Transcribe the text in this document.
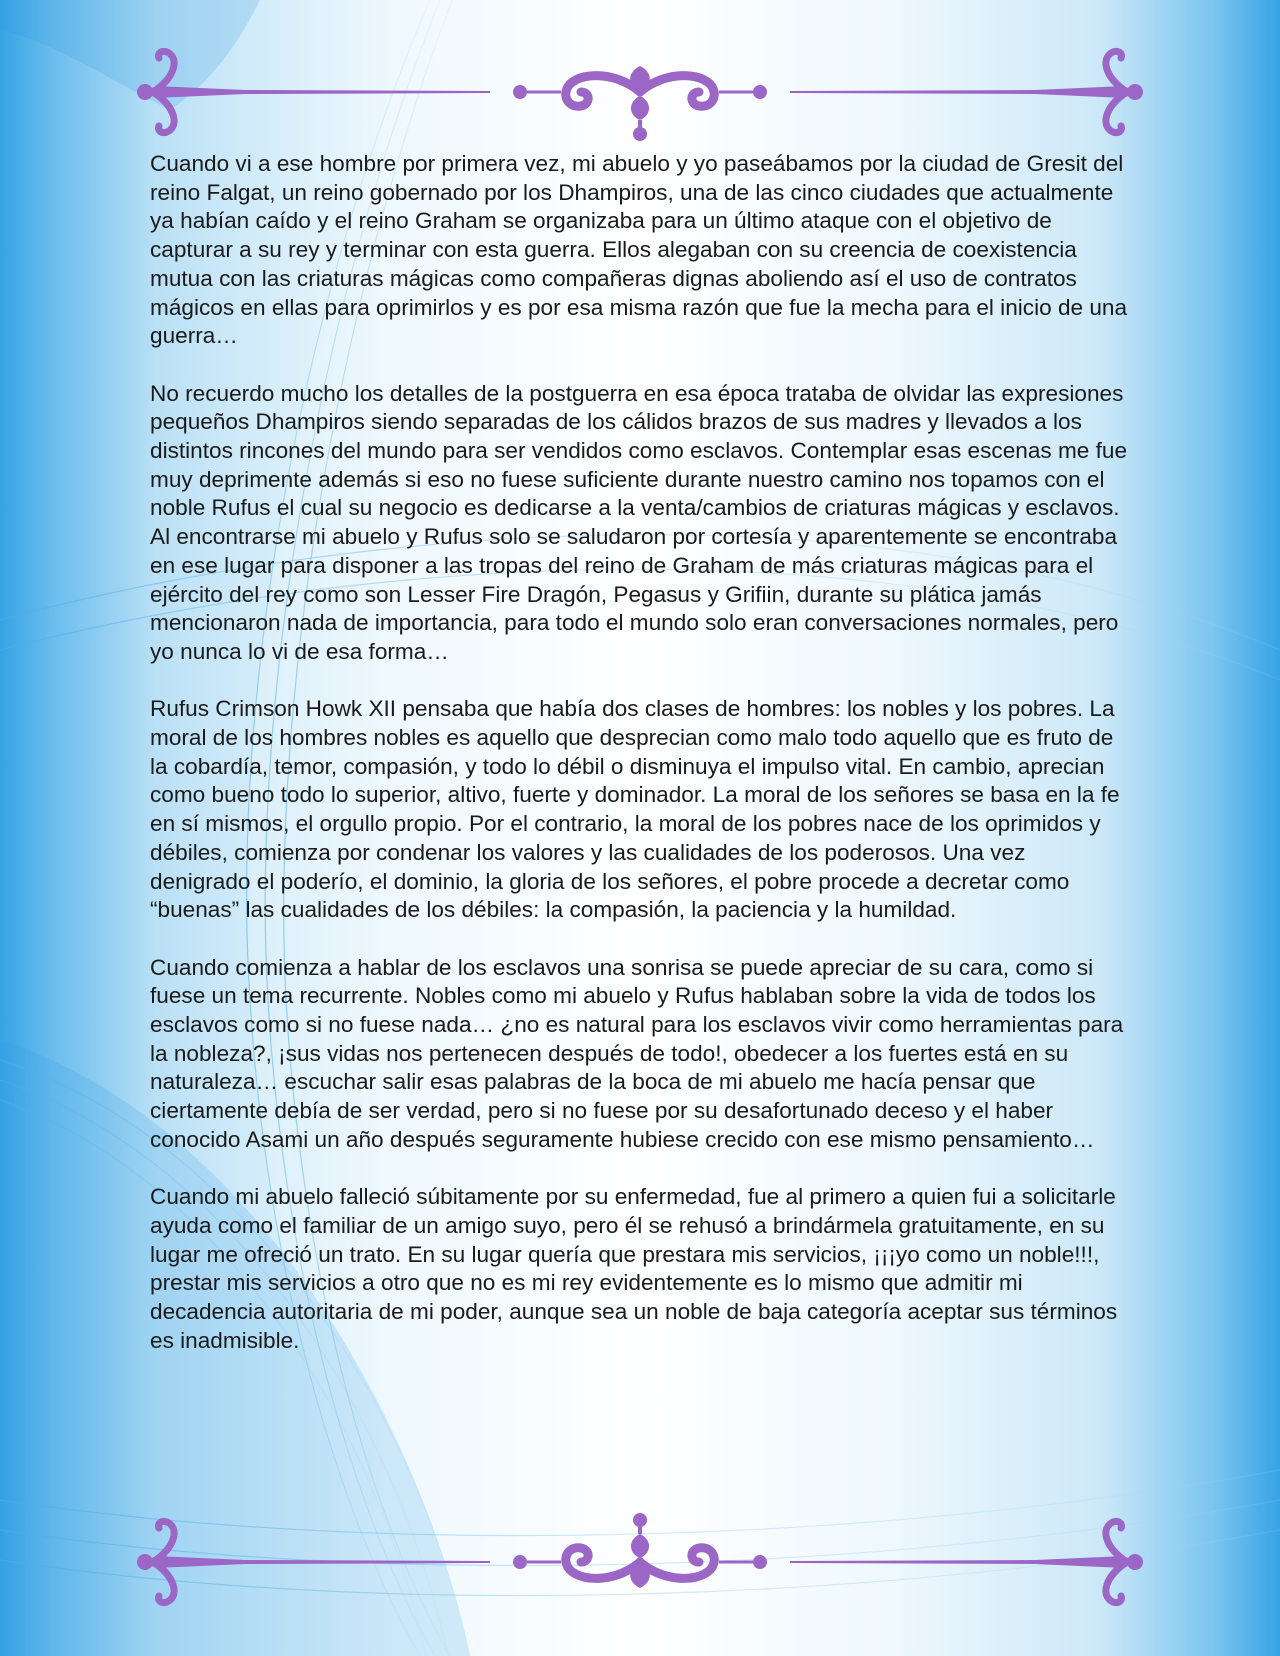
Cuando vi a ese hombre por primera vez, mi abuelo y yo paseábamos por la ciudad de Gresit del reino Falgat, un reino gobernado por los Dhampiros, una de las cinco ciudades que actualmente ya habían caído y el reino Graham se organizaba para un último ataque con el objetivo de capturar a su rey y terminar con esta guerra. Ellos alegaban con su creencia de coexistencia mutua con las criaturas mágicas como compañeras dignas aboliendo así el uso de contratos mágicos en ellas para oprimirlos y es por esa misma razón que fue la mecha para el inicio de una guerra…

No recuerdo mucho los detalles de la postguerra en esa época trataba de olvidar las expresiones pequeños Dhampiros siendo separadas de los cálidos brazos de sus madres y llevados a los distintos rincones del mundo para ser vendidos como esclavos. Contemplar esas escenas me fue muy deprimente además si eso no fuese suficiente durante nuestro camino nos topamos con el noble Rufus el cual su negocio es dedicarse a la venta/cambios de criaturas mágicas y esclavos. Al encontrarse mi abuelo y Rufus solo se saludaron por cortesía y aparentemente se encontraba en ese lugar para disponer a las tropas del reino de Graham de más criaturas mágicas para el ejército del rey como son Lesser Fire Dragón, Pegasus y Grifiin, durante su plática jamás mencionaron nada de importancia, para todo el mundo solo eran conversaciones normales, pero yo nunca lo vi de esa forma…

Rufus Crimson Howk XII pensaba que había dos clases de hombres: los nobles y los pobres. La moral de los hombres nobles es aquello que desprecian como malo todo aquello que es fruto de la cobardía, temor, compasión, y todo lo débil o disminuya el impulso vital. En cambio, aprecian como bueno todo lo superior, altivo, fuerte y dominador. La moral de los señores se basa en la fe en sí mismos, el orgullo propio. Por el contrario, la moral de los pobres nace de los oprimidos y débiles, comienza por condenar los valores y las cualidades de los poderosos. Una vez denigrado el poderío, el dominio, la gloria de los señores, el pobre procede a decretar como “buenas” las cualidades de los débiles: la compasión, la paciencia y la humildad.

Cuando comienza a hablar de los esclavos una sonrisa se puede apreciar de su cara, como si fuese un tema recurrente. Nobles como mi abuelo y Rufus hablaban sobre la vida de todos los esclavos como si no fuese nada… ¿no es natural para los esclavos vivir como herramientas para la nobleza?, ¡sus vidas nos pertenecen después de todo!, obedecer a los fuertes está en su naturaleza… escuchar salir esas palabras de la boca de mi abuelo me hacía pensar que ciertamente debía de ser verdad, pero si no fuese por su desafortunado deceso y el haber conocido Asami un año después seguramente hubiese crecido con ese mismo pensamiento…

Cuando mi abuelo falleció súbitamente por su enfermedad, fue al primero a quien fui a solicitarle ayuda como el familiar de un amigo suyo, pero él se rehusó a brindármela gratuitamente, en su lugar me ofreció un trato. En su lugar quería que prestara mis servicios, ¡¡¡yo como un noble!!!, prestar mis servicios a otro que no es mi rey evidentemente es lo mismo que admitir mi decadencia autoritaria de mi poder, aunque sea un noble de baja categoría aceptar sus términos es inadmisible.
